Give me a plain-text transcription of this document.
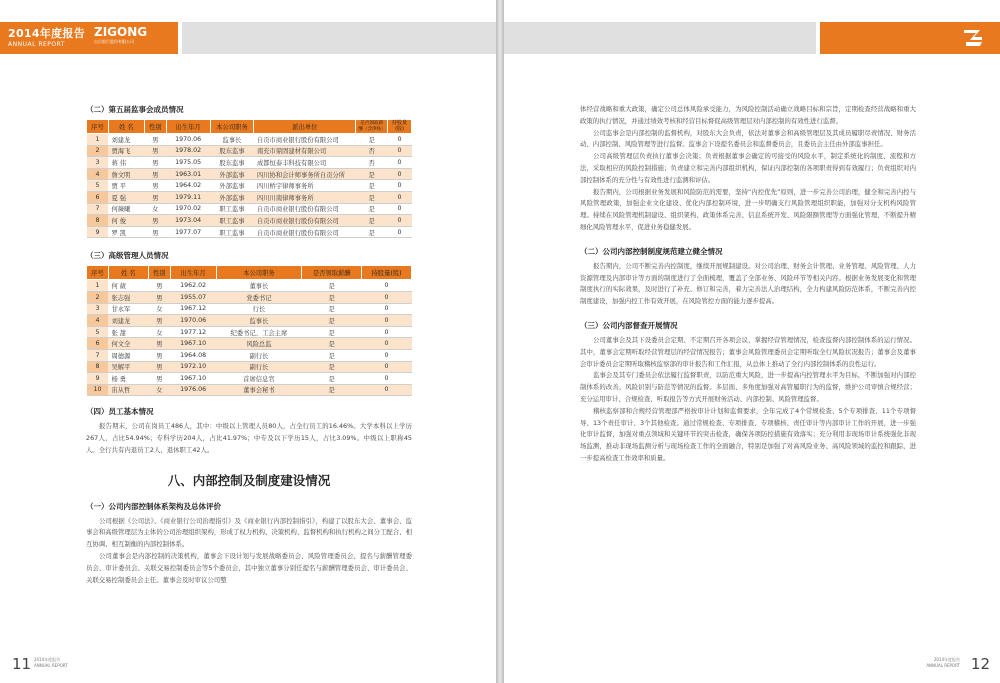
2014年度报告
ANNUAL REPORT
ZIGONG
自贡银行股份有限公司
（二）第五届监事会成员情况
序号	姓 名	性别	出生年月	本公司职务	派出单位	是否领取薪酬（含津贴）	持股量(股)
1	刘建龙	男	1970.06	监事长	自贡市商业银行股份有限公司	是	0
2	贾海飞	男	1978.02	股东监事	南充市鼎固建材有限公司	否	0
3	蒋 伟	男	1975.05	股东监事	成都恒泰丰科技有限公司	否	0
4	詹文明	男	1963.01	外部监事	四川协和会计师事务所自贡分所	是	0
5	贾 平	男	1964.02	外部监事	四川桥宇律师事务所	是	0
6	夏 强	男	1979.11	外部监事	四川川南律师事务所	是	0
7	何薇曦	女	1970.02	职工监事	自贡市商业银行股份有限公司	是	0
8	何 俊	男	1973.04	职工监事	自贡市商业银行股份有限公司	是	0
9	罗 凯	男	1977.07	职工监事	自贡市商业银行股份有限公司	是	0
（三）高级管理人员情况
序号	姓 名	性别	出生年月	本公司职务	是否领取薪酬	持股量(股)
1	何 葳	男	1962.02	董事长	是	0
2	张志强	男	1955.07	党委书记	是	0
3	甘永军	女	1967.12	行长	是	0
4	刘建龙	男	1970.06	监事长	是	0
5	张 甜	女	1977.12	纪委书记、工会主席	是	0
6	何文全	男	1967.10	风险总监	是	0
7	周德源	男	1964.08	副行长	是	0
8	吴解平	男	1972.10	副行长	是	0
9	杨 勇	男	1967.10	首席信息官	是	0
10	宙从哲	女	1976.06	董事会秘书	是	0
（四）员工基本情况

报告期末，公司在岗员工486人，其中：中级以上管理人员80人，占全行员工的16.46%。大学本科以上学历267人，占比54.94%；专科学历204人，占比41.97%；中专及以下学历15人，占比3.09%。中级以上职称45人。全行共有内退员工2人，退休职工42人。

八、内部控制及制度建设情况
（一）公司内部控制体系架构及总体评价

公司根据《公司法》、《商业银行公司治理指引》及《商业银行内部控制指引》，构建了以股东大会、董事会、监事会和高级管理层为主体的公司治理组织架构，形成了权力机构、决策机构、监督机构和执行机构之间分工配合、相互协调、相互制衡的内部控制体系。

公司董事会是内部控制的决策机构，董事会下设计划与发展战略委员会、风险管理委员会、提名与薪酬管理委员会、审计委员会、关联交易控制委员会等5个委员会，其中独立董事分别任提名与薪酬管理委员会、审计委员会、关联交易控制委员会主任。董事会及时审议公司整

11 2014年度报告
ANNUAL REPORT

体经营战略和重大政策，确定公司总体风险承受能力，为风险控制活动确立战略目标和宗旨，定期检查经营战略和重大政策的执行情况，并通过绩效考核和经营目标督促高级管理层对内部控制的有效性进行监督。

公司监事会是内部控制的监督机构，对股东大会负责，依法对董事会和高级管理层及其成员履职尽责情况、财务活动、内部控制、风险管理等进行监督。监事会下设提名委员会和监督委员会，且委员会主任由外部监事担任。

公司高级管理层负责执行董事会决策；负责根据董事会确定的可接受的风险水平，制定系统化的制度、流程和方法，采取相应的风险控制措施；负责建立和完善内部组织机构，保证内部控制的各项职责得到有效履行；负责组织对内部控制体系的充分性与有效性进行监测和评估。

报告期内，公司根据业务发展和风险防范的需要，坚持“内控优先”原则，进一步完善公司治理，健全和完善内控与风险管理政策，加强企业文化建设、优化内部控制环境，进一步明确支行风险管理组织职能，加强对分支机构风险管理。持续在风险管理机制建设、组织架构、政策体系完善、信息系统开发、风险限额管理等方面强化管理，不断提升精细化风险管理水平，促进业务稳健发展。

（二）公司内部控制制度规范建立健全情况

报告期内，公司不断完善内控制度，继续开展规制建设。对公司治理、财务会计管理、业务管理、风险管理、人力资源管理及内部审计等方面的制度进行了全面梳理，覆盖了全部业务、风险环节等相关内容。根据业务发展变化和管理制度执行的实际效果，及时进行了补充、修订和完善，着力完善法人治理结构，全力构建风险防范体系，不断完善内控制度建设，加强内控工作有效开展，在风险管控方面的能力逐步提高。

（三）公司内部督查开展情况

公司董事会及其下设委员会定期、不定期召开各项会议，掌握经营管理情况，检查监督内部控制体系的运行情况。其中，董事会定期听取经营管理层的经营情况报告；董事会风险管理委员会定期听取全行风险状况报告；董事会及董事会审计委员会定期听取稽核监察部的审计报告和工作汇报，从总体上推动了全行内部控制体系的良性运行。

监事会及其专门委员会依法履行监督职责，以防范重大风险，进一步提高内控管理水平为目标，不断加强对内部控制体系的改善、风险识别与防范等情况的监督。多层面、多角度加强对高管履职行为的监督，维护公司审慎合规经营；充分运用审计、合规检查、听取报告等方式开展财务活动、内部控制、风险管理监督。

稽核监察部和合规经营管理部严格按审计计划和监督要求，全年完成了4个常规检查、5个专项排查、11个专项督导、13个责任审计、3个其他检查。通过常规检查、专项排查、专项稽核、责任审计等内部审计工作的开展，进一步强化审计监督，加强对重点领域和关键环节的突击检查，确保各项防控措施有效落实；充分利用非现场审计系统强化非现场监测，推动非现场监测分析与现场检查工作的全面融合，特别是加强了对高风险业务、高风险领域的监控和跟踪，进一步提高检查工作效率和质量。

2014年度报告
ANNUAL REPORT 12
